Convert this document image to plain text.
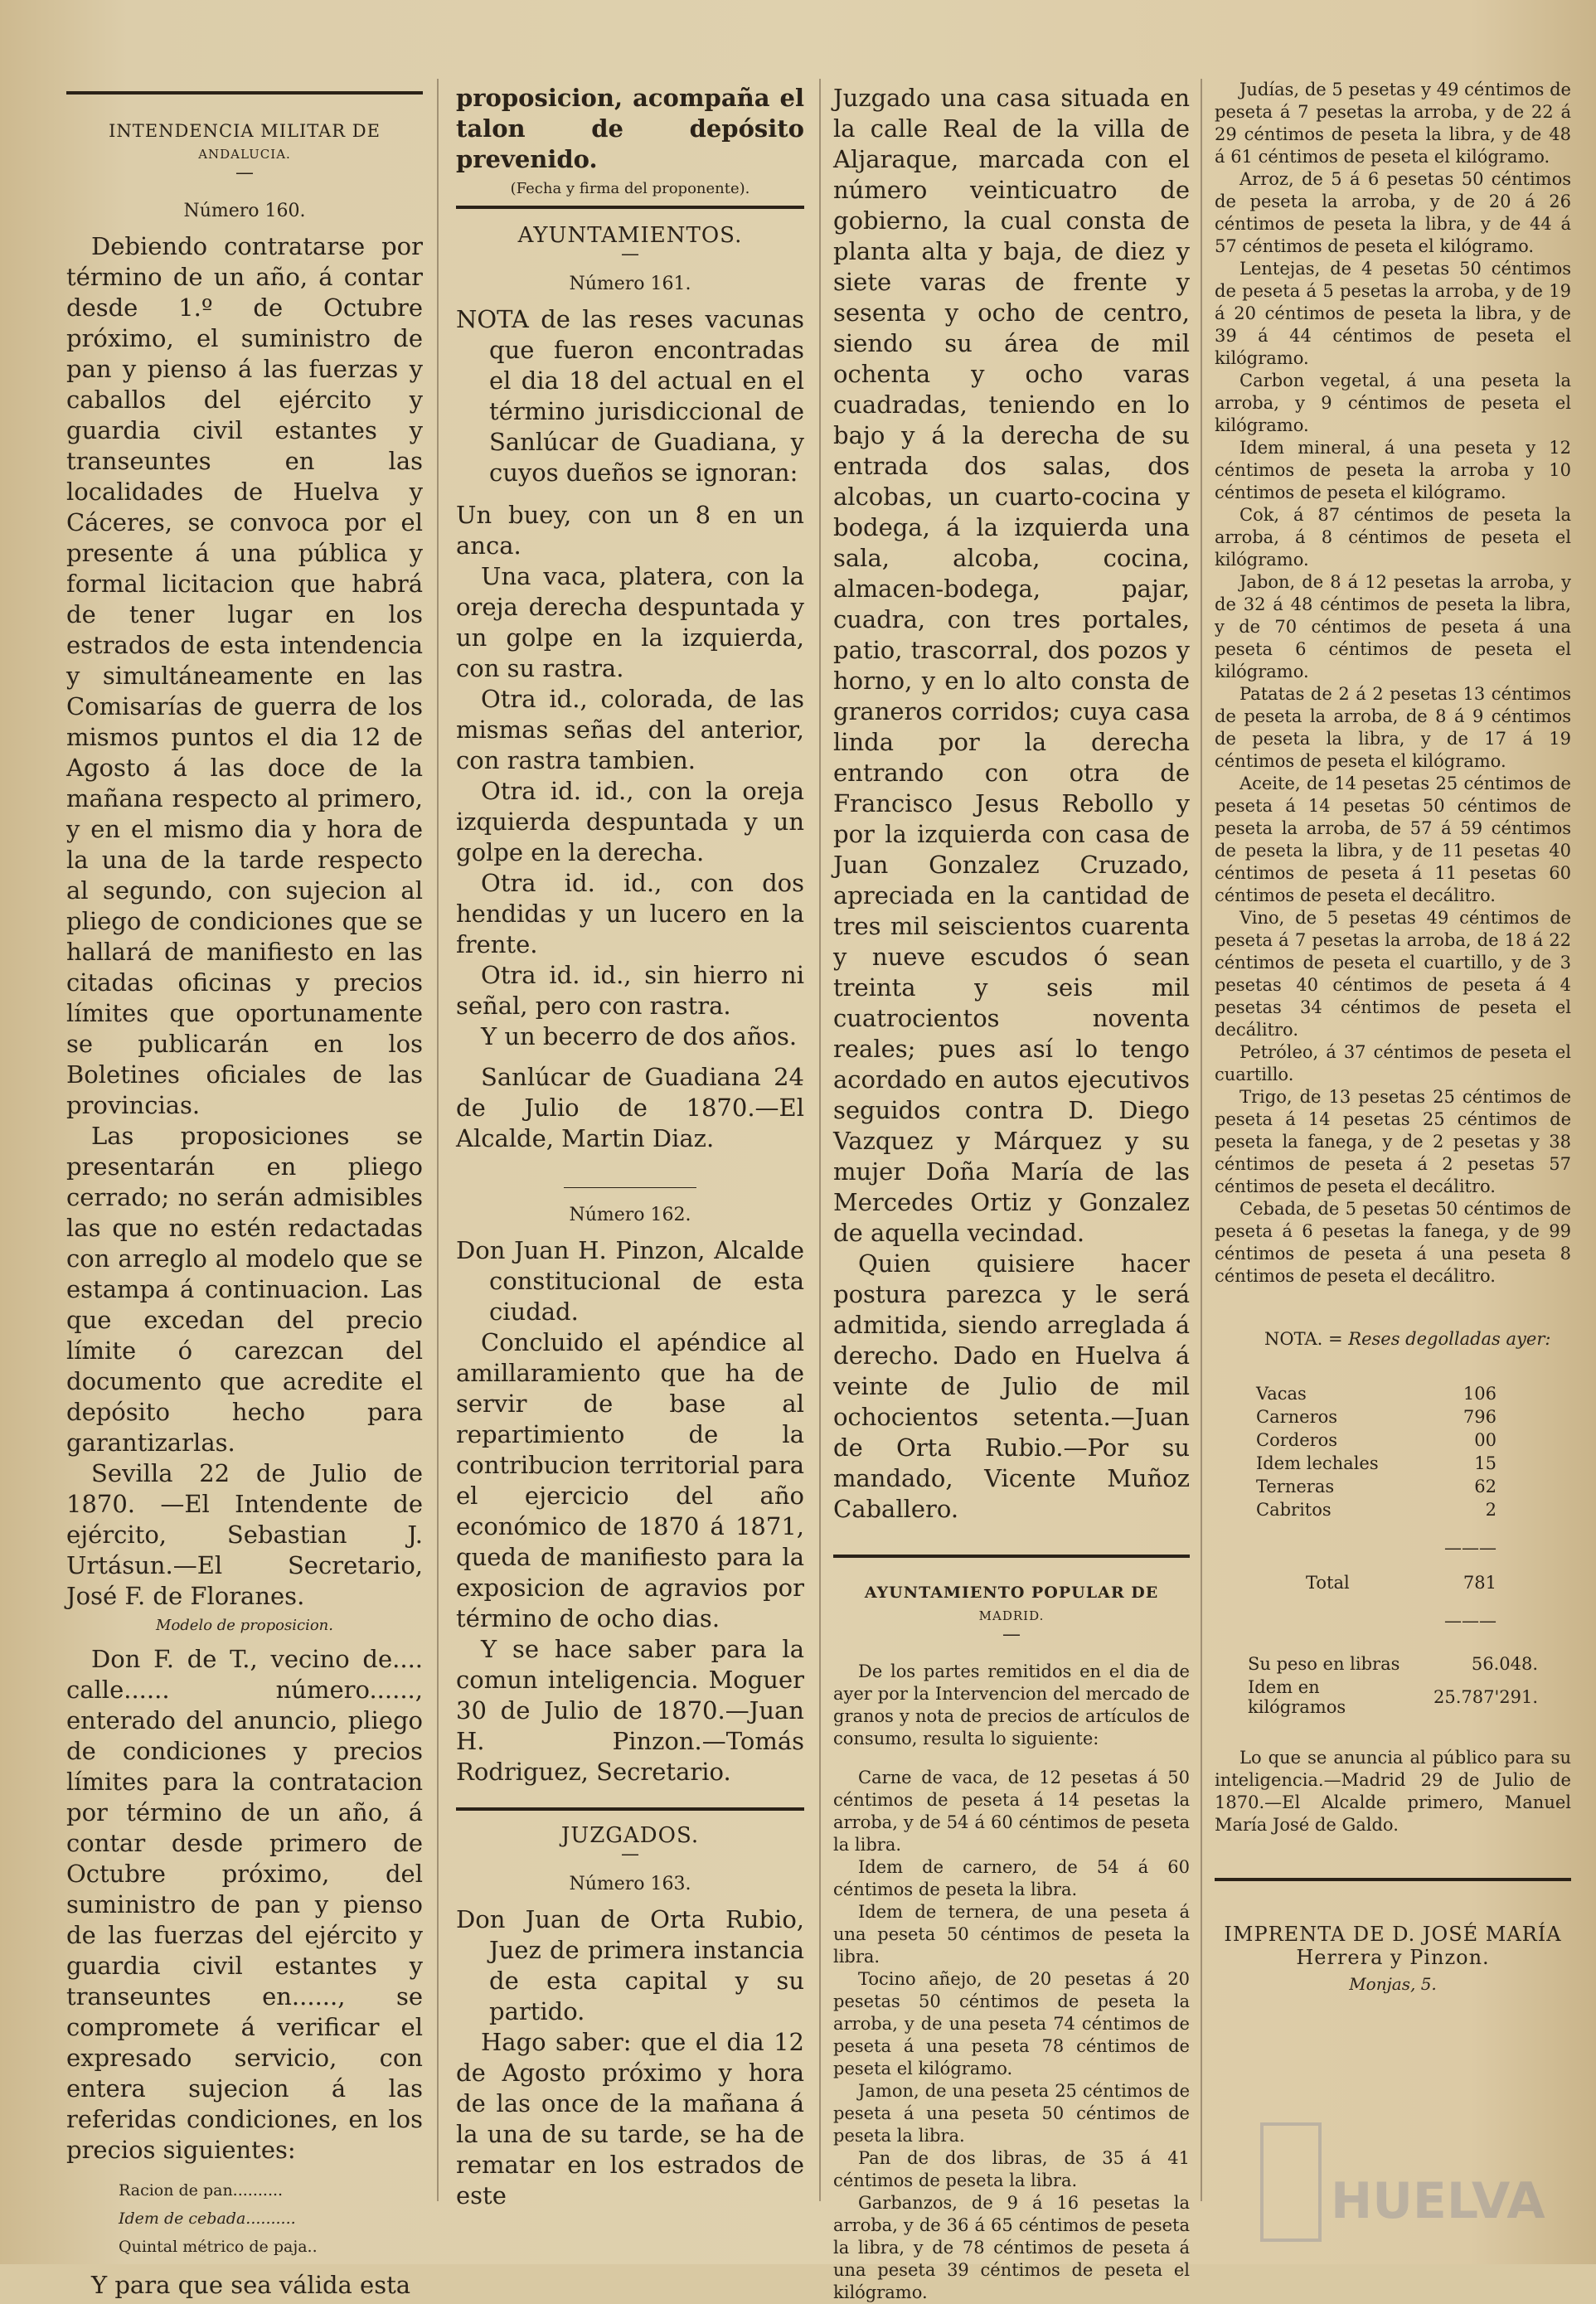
INTENDENCIA MILITAR DE
ANDALUCIA.
—
Número 160.

Debiendo contratarse por término de un año, á contar desde 1.º de Octubre próximo, el suministro de pan y pienso á las fuerzas y caballos del ejército y guardia civil estantes y transeuntes en las localidades de Huelva y Cáceres, se convoca por el presente á una pública y formal licitacion que habrá de tener lugar en los estrados de esta intendencia y simultáneamente en las Comisarías de guerra de los mismos puntos el dia 12 de Agosto á las doce de la mañana respecto al primero, y en el mismo dia y hora de la una de la tarde respecto al segundo, con sujecion al pliego de condiciones que se hallará de manifiesto en las citadas oficinas y precios límites que oportunamente se publicarán en los Boletines oficiales de las provincias.

Las proposiciones se presentarán en pliego cerrado; no serán admisibles las que no estén redactadas con arreglo al modelo que se estampa á continuacion. Las que excedan del precio límite ó carezcan del documento que acredite el depósito hecho para garantizarlas.

Sevilla 22 de Julio de 1870. —El Intendente de ejército, Sebastian J. Urtásun.—El Secretario, José F. de Floranes.

Modelo de proposicion.

Don F. de T., vecino de.... calle...... número......, enterado del anuncio, pliego de condiciones y precios límites para la contratacion por término de un año, á contar desde primero de Octubre próximo, del suministro de pan y pienso de las fuerzas del ejército y guardia civil estantes y transeuntes en......, se compromete á verificar el expresado servicio, con entera sujecion á las referidas condiciones, en los precios siguientes:

Racion de pan..........
Idem de cebada..........
Quintal métrico de paja..

Y para que sea válida esta

proposicion, acompaña el talon de depósito prevenido.

(Fecha y firma del proponente).

AYUNTAMIENTOS.
—
Número 161.

NOTA de las reses vacunas que fueron encontradas el dia 18 del actual en el término jurisdiccional de Sanlúcar de Guadiana, y cuyos dueños se ignoran:

Un buey, con un 8 en un anca.

Una vaca, platera, con la oreja derecha despuntada y un golpe en la izquierda, con su rastra.

Otra id., colorada, de las mismas señas del anterior, con rastra tambien.

Otra id. id., con la oreja izquierda despuntada y un golpe en la derecha.

Otra id. id., con dos hendidas y un lucero en la frente.

Otra id. id., sin hierro ni señal, pero con rastra.

Y un becerro de dos años.

Sanlúcar de Guadiana 24 de Julio de 1870.—El Alcalde, Martin Diaz.

Número 162.

Don Juan H. Pinzon, Alcalde constitucional de esta ciudad.

Concluido el apéndice al amillaramiento que ha de servir de base al repartimiento de la contribucion territorial para el ejercicio del año económico de 1870 á 1871, queda de manifiesto para la exposicion de agravios por término de ocho dias.

Y se hace saber para la comun inteligencia. Moguer 30 de Julio de 1870.—Juan H. Pinzon.—Tomás Rodriguez, Secretario.

JUZGADOS.
—
Número 163.

Don Juan de Orta Rubio, Juez de primera instancia de esta capital y su partido.

Hago saber: que el dia 12 de Agosto próximo y hora de las once de la mañana á la una de su tarde, se ha de rematar en los estrados de este

Juzgado una casa situada en la calle Real de la villa de Aljaraque, marcada con el número veinticuatro de gobierno, la cual consta de planta alta y baja, de diez y siete varas de frente y sesenta y ocho de centro, siendo su área de mil ochenta y ocho varas cuadradas, teniendo en lo bajo y á la derecha de su entrada dos salas, dos alcobas, un cuarto-cocina y bodega, á la izquierda una sala, alcoba, cocina, almacen-bodega, pajar, cuadra, con tres portales, patio, trascorral, dos pozos y horno, y en lo alto consta de graneros corridos; cuya casa linda por la derecha entrando con otra de Francisco Jesus Rebollo y por la izquierda con casa de Juan Gonzalez Cruzado, apreciada en la cantidad de tres mil seiscientos cuarenta y nueve escudos ó sean treinta y seis mil cuatrocientos noventa reales; pues así lo tengo acordado en autos ejecutivos seguidos contra D. Diego Vazquez y Márquez y su mujer Doña María de las Mercedes Ortiz y Gonzalez de aquella vecindad.

Quien quisiere hacer postura parezca y le será admitida, siendo arreglada á derecho. Dado en Huelva á veinte de Julio de mil ochocientos setenta.—Juan de Orta Rubio.—Por su mandado, Vicente Muñoz Caballero.

AYUNTAMIENTO POPULAR DE
MADRID.
—

De los partes remitidos en el dia de ayer por la Intervencion del mercado de granos y nota de precios de artículos de consumo, resulta lo siguiente:

Carne de vaca, de 12 pesetas á 50 céntimos de peseta á 14 pesetas la arroba, y de 54 á 60 céntimos de peseta la libra.

Idem de carnero, de 54 á 60 céntimos de peseta la libra.

Idem de ternera, de una peseta á una peseta 50 céntimos de peseta la libra.

Tocino añejo, de 20 pesetas á 20 pesetas 50 céntimos de peseta la arroba, y de una peseta 74 céntimos de peseta á una peseta 78 céntimos de peseta el kilógramo.

Jamon, de una peseta 25 céntimos de peseta á una peseta 50 céntimos de peseta la libra.

Pan de dos libras, de 35 á 41 céntimos de peseta la libra.

Garbanzos, de 9 á 16 pesetas la arroba, y de 36 á 65 céntimos de peseta la libra, y de 78 céntimos de peseta á una peseta 39 céntimos de peseta el kilógramo.

Judías, de 5 pesetas y 49 céntimos de peseta á 7 pesetas la arroba, y de 22 á 29 céntimos de peseta la libra, y de 48 á 61 céntimos de peseta el kilógramo.

Arroz, de 5 á 6 pesetas 50 céntimos de peseta la arroba, y de 20 á 26 céntimos de peseta la libra, y de 44 á 57 céntimos de peseta el kilógramo.

Lentejas, de 4 pesetas 50 céntimos de peseta á 5 pesetas la arroba, y de 19 á 20 céntimos de peseta la libra, y de 39 á 44 céntimos de peseta el kilógramo.

Carbon vegetal, á una peseta la arroba, y 9 céntimos de peseta el kilógramo.

Idem mineral, á una peseta y 12 céntimos de peseta la arroba y 10 céntimos de peseta el kilógramo.

Cok, á 87 céntimos de peseta la arroba, á 8 céntimos de peseta el kilógramo.

Jabon, de 8 á 12 pesetas la arroba, y de 32 á 48 céntimos de peseta la libra, y de 70 céntimos de peseta á una peseta 6 céntimos de peseta el kilógramo.

Patatas de 2 á 2 pesetas 13 céntimos de peseta la arroba, de 8 á 9 céntimos de peseta la libra, y de 17 á 19 céntimos de peseta el kilógramo.

Aceite, de 14 pesetas 25 céntimos de peseta á 14 pesetas 50 céntimos de peseta la arroba, de 57 á 59 céntimos de peseta la libra, y de 11 pesetas 40 céntimos de peseta á 11 pesetas 60 céntimos de peseta el decálitro.

Vino, de 5 pesetas 49 céntimos de peseta á 7 pesetas la arroba, de 18 á 22 céntimos de peseta el cuartillo, y de 3 pesetas 40 céntimos de peseta á 4 pesetas 34 céntimos de peseta el decálitro.

Petróleo, á 37 céntimos de peseta el cuartillo.

Trigo, de 13 pesetas 25 céntimos de peseta á 14 pesetas 25 céntimos de peseta la fanega, y de 2 pesetas y 38 céntimos de peseta á 2 pesetas 57 céntimos de peseta el decálitro.

Cebada, de 5 pesetas 50 céntimos de peseta á 6 pesetas la fanega, y de 99 céntimos de peseta á una peseta 8 céntimos de peseta el decálitro.

NOTA. = Reses degolladas ayer:

Vacas	106
Carneros	796
Corderos	00
Idem lechales	15
Terneras	62
Cabritos	2
	———
Total	781
	———
Su peso en libras	56.048.
Idem en kilógramos	25.787'291.

Lo que se anuncia al público para su inteligencia.—Madrid 29 de Julio de 1870.—El Alcalde primero, Manuel María José de Galdo.

IMPRENTA DE D. JOSÉ MARÍA Herrera y Pinzon.

Monjas, 5.

HUELVA
